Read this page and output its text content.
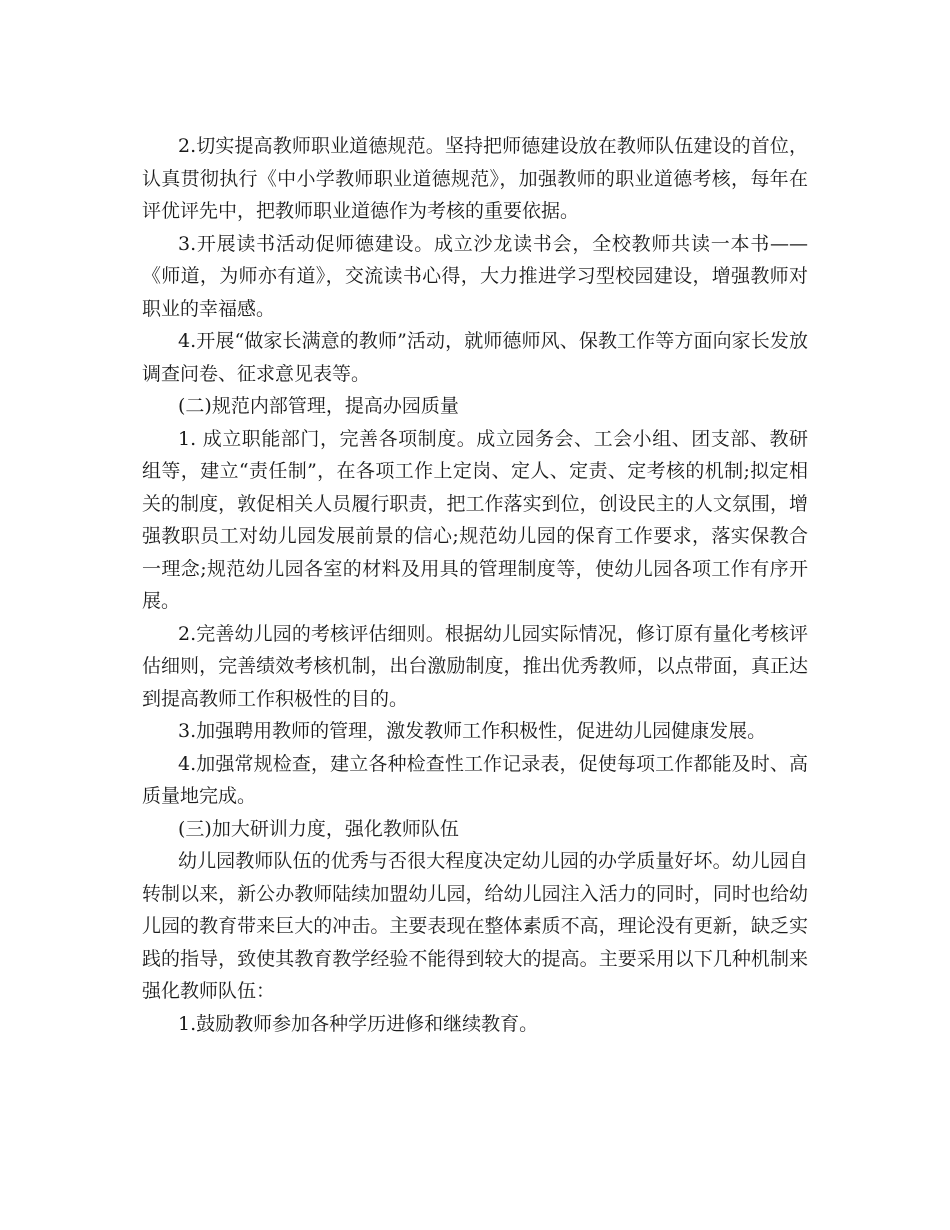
2.切实提高教师职业道德规范。坚持把师德建设放在教师队伍建设的首位，认真贯彻执行《中小学教师职业道德规范》，加强教师的职业道德考核，每年在评优评先中，把教师职业道德作为考核的重要依据。

3.开展读书活动促师德建设。成立沙龙读书会，全校教师共读一本书——《师道，为师亦有道》，交流读书心得，大力推进学习型校园建设，增强教师对职业的幸福感。

4.开展“做家长满意的教师”活动，就师德师风、保教工作等方面向家长发放调查问卷、征求意见表等。

(二)规范内部管理，提高办园质量

1. 成立职能部门，完善各项制度。成立园务会、工会小组、团支部、教研组等，建立“责任制”，在各项工作上定岗、定人、定责、定考核的机制;拟定相关的制度，敦促相关人员履行职责，把工作落实到位，创设民主的人文氛围，增强教职员工对幼儿园发展前景的信心;规范幼儿园的保育工作要求，落实保教合一理念;规范幼儿园各室的材料及用具的管理制度等，使幼儿园各项工作有序开展。

2.完善幼儿园的考核评估细则。根据幼儿园实际情况，修订原有量化考核评估细则，完善绩效考核机制，出台激励制度，推出优秀教师，以点带面，真正达到提高教师工作积极性的目的。

3.加强聘用教师的管理，激发教师工作积极性，促进幼儿园健康发展。

4.加强常规检查，建立各种检查性工作记录表，促使每项工作都能及时、高质量地完成。

(三)加大研训力度，强化教师队伍

幼儿园教师队伍的优秀与否很大程度决定幼儿园的办学质量好坏。幼儿园自转制以来，新公办教师陆续加盟幼儿园，给幼儿园注入活力的同时，同时也给幼儿园的教育带来巨大的冲击。主要表现在整体素质不高，理论没有更新，缺乏实践的指导，致使其教育教学经验不能得到较大的提高。主要采用以下几种机制来强化教师队伍：

1.鼓励教师参加各种学历进修和继续教育。
